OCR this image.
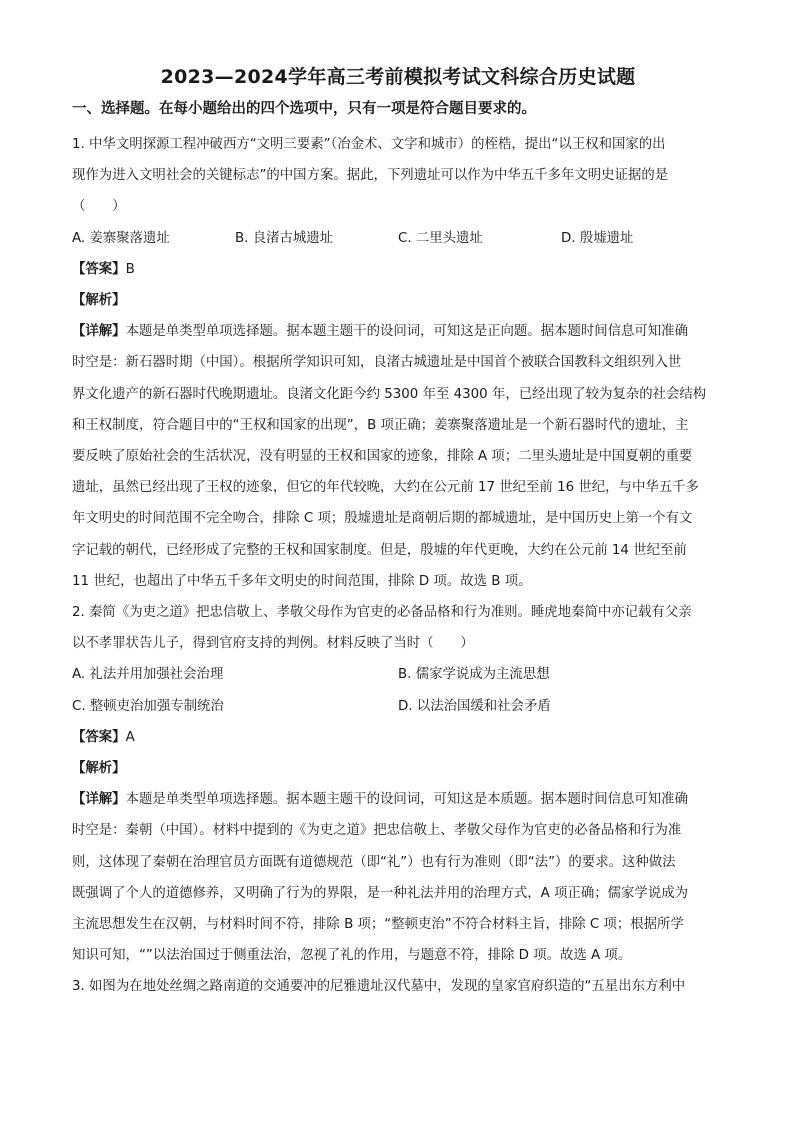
2023—2024学年高三考前模拟考试文科综合历史试题
一、选择题。在每小题给出的四个选项中，只有一项是符合题目要求的。

1. 中华文明探源工程冲破西方“文明三要素”（冶金术、文字和城市）的桎梏，提出“以王权和国家的出

现作为进入文明社会的关键标志”的中国方案。据此，下列遗址可以作为中华五千多年文明史证据的是

（　　）

A. 姜寨聚落遗址	B. 良渚古城遗址	C. 二里头遗址	D. 殷墟遗址
【答案】B
【解析】

【详解】本题是单类型单项选择题。据本题主题干的设问词，可知这是正向题。据本题时间信息可知准确

时空是：新石器时期（中国）。根据所学知识可知，良渚古城遗址是中国首个被联合国教科文组织列入世

界文化遗产的新石器时代晚期遗址。良渚文化距今约 5300 年至 4300 年，已经出现了较为复杂的社会结构

和王权制度，符合题目中的“王权和国家的出现”，B 项正确；姜寨聚落遗址是一个新石器时代的遗址，主

要反映了原始社会的生活状况，没有明显的王权和国家的迹象，排除 A 项；二里头遗址是中国夏朝的重要

遗址，虽然已经出现了王权的迹象，但它的年代较晚，大约在公元前 17 世纪至前 16 世纪，与中华五千多

年文明史的时间范围不完全吻合，排除 C 项；殷墟遗址是商朝后期的都城遗址，是中国历史上第一个有文

字记载的朝代，已经形成了完整的王权和国家制度。但是，殷墟的年代更晚，大约在公元前 14 世纪至前

11 世纪，也超出了中华五千多年文明史的时间范围，排除 D 项。故选 B 项。

2. 秦简《为吏之道》把忠信敬上、孝敬父母作为官吏的必备品格和行为准则。睡虎地秦简中亦记载有父亲

以不孝罪状告儿子，得到官府支持的判例。材料反映了当时（　　）

A. 礼法并用加强社会治理	B. 儒家学说成为主流思想
C. 整顿吏治加强专制统治	D. 以法治国缓和社会矛盾
【答案】A
【解析】

【详解】本题是单类型单项选择题。据本题主题干的设问词，可知这是本质题。据本题时间信息可知准确

时空是：秦朝（中国）。材料中提到的《为吏之道》把忠信敬上、孝敬父母作为官吏的必备品格和行为准

则，这体现了秦朝在治理官员方面既有道德规范（即“礼”）也有行为准则（即“法”）的要求。这种做法

既强调了个人的道德修养，又明确了行为的界限，是一种礼法并用的治理方式，A 项正确；儒家学说成为

主流思想发生在汉朝，与材料时间不符，排除 B 项；“整顿吏治”不符合材料主旨，排除 C 项；根据所学

知识可知，“”以法治国过于侧重法治，忽视了礼的作用，与题意不符，排除 D 项。故选 A 项。

3. 如图为在地处丝绸之路南道的交通要冲的尼雅遗址汉代墓中，发现的皇家官府织造的“五星出东方利中
